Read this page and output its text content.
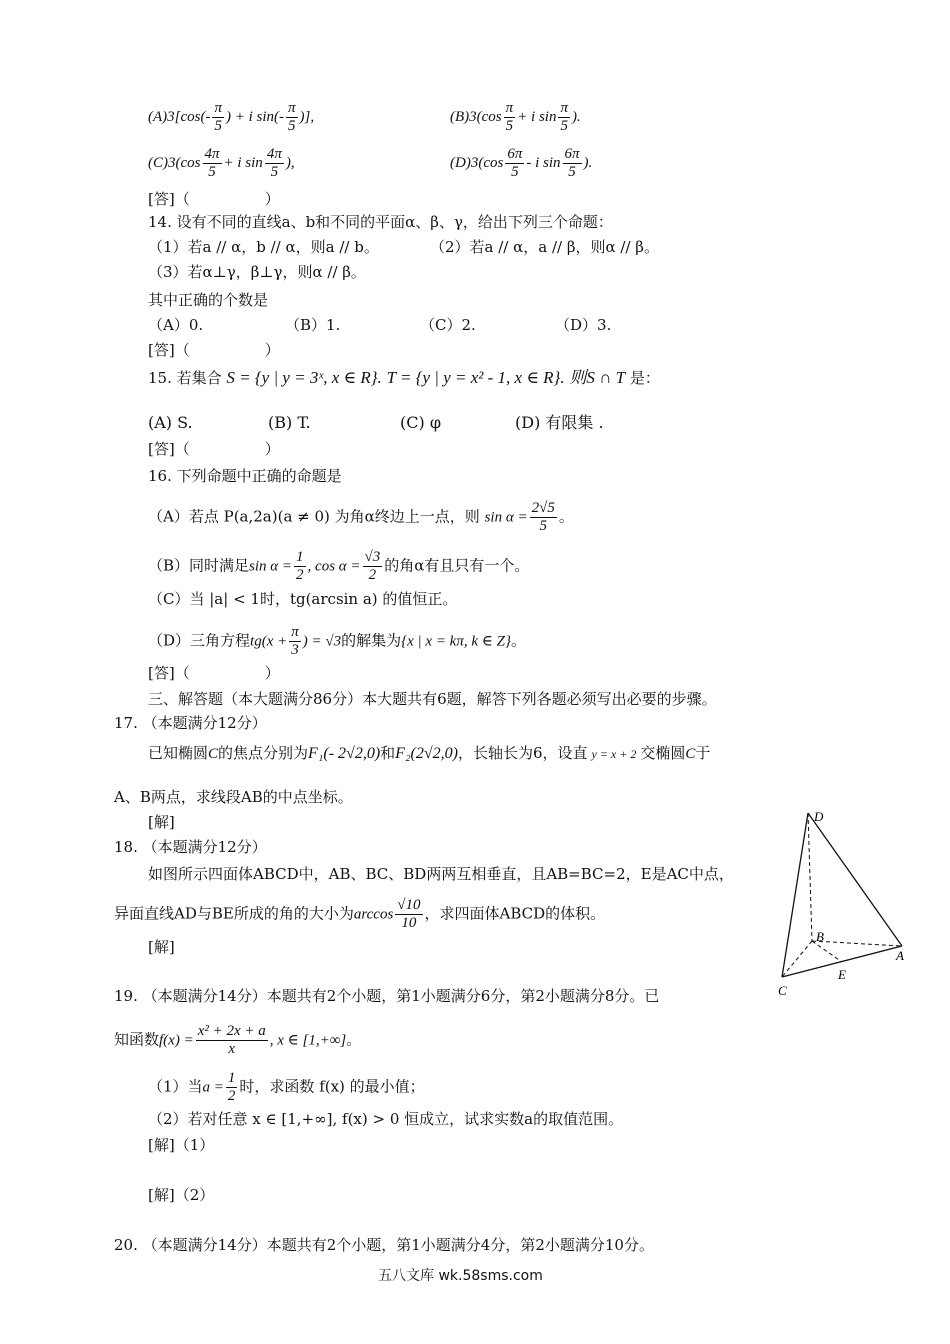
$(A)3[\cos(- \frac{\pi}{5}$ ) + i $\sin(- \frac{\pi}{5}$ )],	$(B)3(\cos \frac{\pi}{5} + i$ $\sin \frac{\pi}{5}$ ).
$(C)3(\cos \frac{4\pi}{5} + i$ $\sin \frac{4\pi}{5}$ ),	$(D)3(\cos \frac{6\pi}{5}$ - i $\sin \frac{6\pi}{5}$ ).
[答]（　　　　　）
14. 设有不同的直线a、b和不同的平面α、β、γ，给出下列三个命题：
（1）若a // α，b // α，则a // b。	（2）若a // α，a // β，则α // β。
（3）若α⊥γ，β⊥γ，则α // β。
其中正确的个数是
（A）0.	（B）1.	（C）2.	（D）3.
[答]（　　　　　）
15. 若集合 S = {y | y = 3ˣ, x ∈ R}. T = {y | y = x² - 1, x ∈ R}. 则S ∩ T 是：
(A) S.	(B) T.	(C) φ	(D) 有限集 .
[答]（　　　　　）
16. 下列命题中正确的命题是
（A）若点 P(a,2a)(a ≠ 0) 为角α终边上一点，则 $\sin \alpha = \frac{2√5}{5}$ 。
（B）同时满足$\sin \alpha = \frac{1}{2}$ , $\cos \alpha = \frac{√3}{2}$ 的角α有且只有一个。
（C）当 |a| < 1时，tg(arcsin a) 的值恒正。
（D）三角方程$tg(x + \frac{\pi}{3}$ ) = √3的解集为{x | x = kπ, k ∈ Z}。
[答]（　　　　　）
三、解答题（本大题满分86分）本大题共有6题，解答下列各题必须写出必要的步骤。
17. （本题满分12分）
已知椭圆C的焦点分别为F₁(- 2√2,0)和F₂(2√2,0)，长轴长为6，设直 y = x + 2 交椭圆C于
A、B两点，求线段AB的中点坐标。
[解]
18. （本题满分12分）
如图所示四面体ABCD中，AB、BC、BD两两互相垂直，且AB=BC=2，E是AC中点，
异面直线AD与BE所成的角的大小为$\arccos \frac{√10}{10}$ ，求四面体ABCD的体积。
[解]
D
B
A
C
E
19. （本题满分14分）本题共有2个小题，第1小题满分6分，第2小题满分8分。已
知函数$f(x) = \frac{\text{x² + 2x + a}}{x}$ , x ∈ [1,+∞]。
（1）当$a = \frac{1}{2}$ 时，求函数 f(x) 的最小值；
（2）若对任意 x ∈ [1,+∞], f(x) > 0 恒成立，试求实数a的取值范围。
[解]（1）
[解]（2）
20. （本题满分14分）本题共有2个小题，第1小题满分4分，第2小题满分10分。
五八文库 wk.58sms.com
